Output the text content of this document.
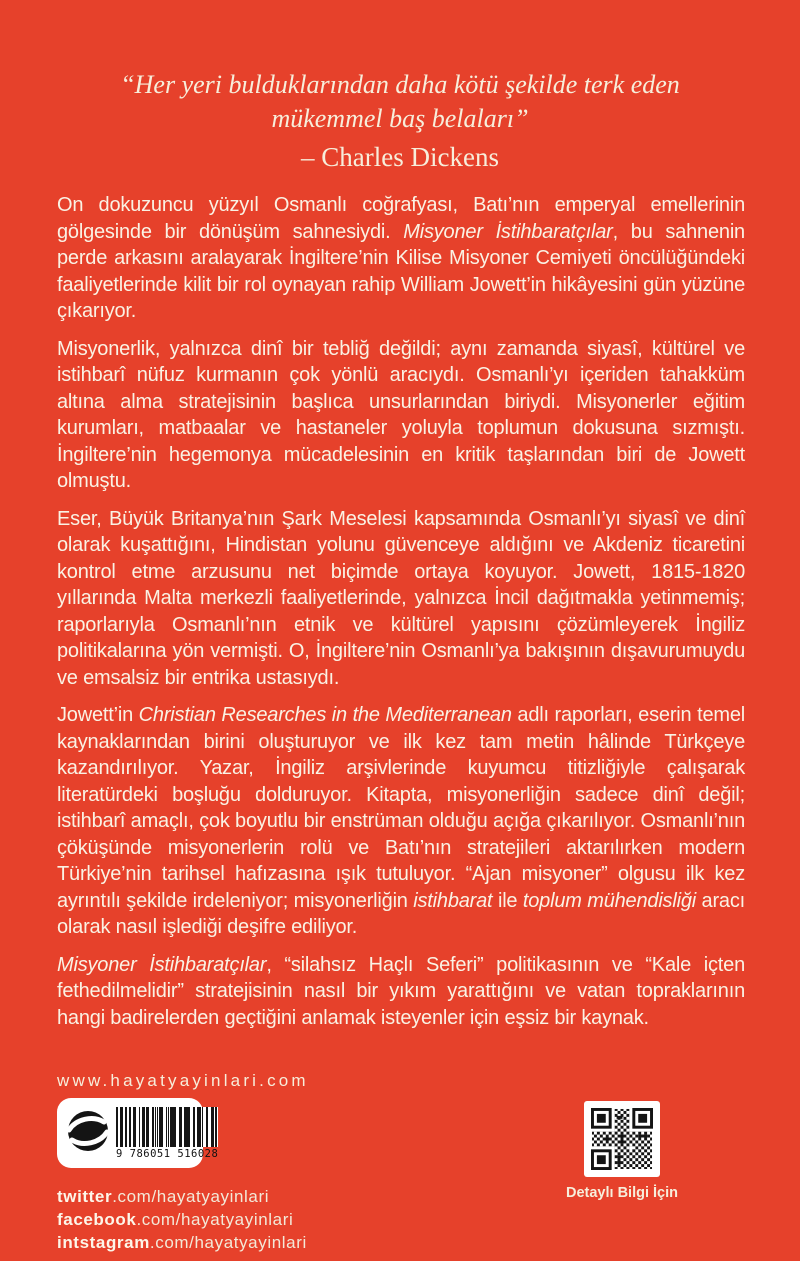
“Her yeri bulduklarından daha kötü şekilde terk eden mükemmel baş belaları”
– Charles Dickens

On dokuzuncu yüzyıl Osmanlı coğrafyası, Batı’nın emperyal emellerinin gölgesinde bir dönüşüm sahnesiydi. Misyoner İstihbaratçılar, bu sahnenin perde arkasını aralayarak İngiltere’nin Kilise Misyoner Cemiyeti öncülüğündeki faaliyetlerinde kilit bir rol oynayan rahip William Jowett’in hikâyesini gün yüzüne çıkarıyor.

Misyonerlik, yalnızca dinî bir tebliğ değildi; aynı zamanda siyasî, kültürel ve istihbarî nüfuz kurmanın çok yönlü aracıydı. Osmanlı’yı içeriden tahakküm altına alma stratejisinin başlıca unsurlarından biriydi. Misyonerler eğitim kurumları, matbaalar ve hastaneler yoluyla toplumun dokusuna sızmıştı. İngiltere’nin hegemonya mücadelesinin en kritik taşlarından biri de Jowett olmuştu.

Eser, Büyük Britanya’nın Şark Meselesi kapsamında Osmanlı’yı siyasî ve dinî olarak kuşattığını, Hindistan yolunu güvenceye aldığını ve Akdeniz ticaretini kontrol etme arzusunu net biçimde ortaya koyuyor. Jowett, 1815-1820 yıllarında Malta merkezli faaliyetlerinde, yalnızca İncil dağıtmakla yetinmemiş; raporlarıyla Osmanlı’nın etnik ve kültürel yapısını çözümleyerek İngiliz politikalarına yön vermişti. O, İngiltere’nin Osmanlı’ya bakışının dışavurumuydu ve emsalsiz bir entrika ustasıydı.

Jowett’in Christian Researches in the Mediterranean adlı raporları, eserin temel kaynaklarından birini oluşturuyor ve ilk kez tam metin hâlinde Türkçeye kazandırılıyor. Yazar, İngiliz arşivlerinde kuyumcu titizliğiyle çalışarak literatürdeki boşluğu dolduruyor. Kitapta, misyonerliğin sadece dinî değil; istihbarî amaçlı, çok boyutlu bir enstrüman olduğu açığa çıkarılıyor. Osmanlı’nın çöküşünde misyonerlerin rolü ve Batı’nın stratejileri aktarılırken modern Türkiye’nin tarihsel hafızasına ışık tutuluyor. “Ajan misyoner” olgusu ilk kez ayrıntılı şekilde irdeleniyor; misyonerliğin istihbarat ile toplum mühendisliği aracı olarak nasıl işlediği deşifre ediliyor.

Misyoner İstihbaratçılar, “silahsız Haçlı Seferi” politikasının ve “Kale içten fethedilmelidir” stratejisinin nasıl bir yıkım yarattığını ve vatan topraklarının hangi badirelerden geçtiğini anlamak isteyenler için eşsiz bir kaynak.

www.hayatyayinlari.com
9 786051 516028
Detaylı Bilgi İçin
twitter.com/hayatyayinlari
facebook.com/hayatyayinlari
intstagram.com/hayatyayinlari
